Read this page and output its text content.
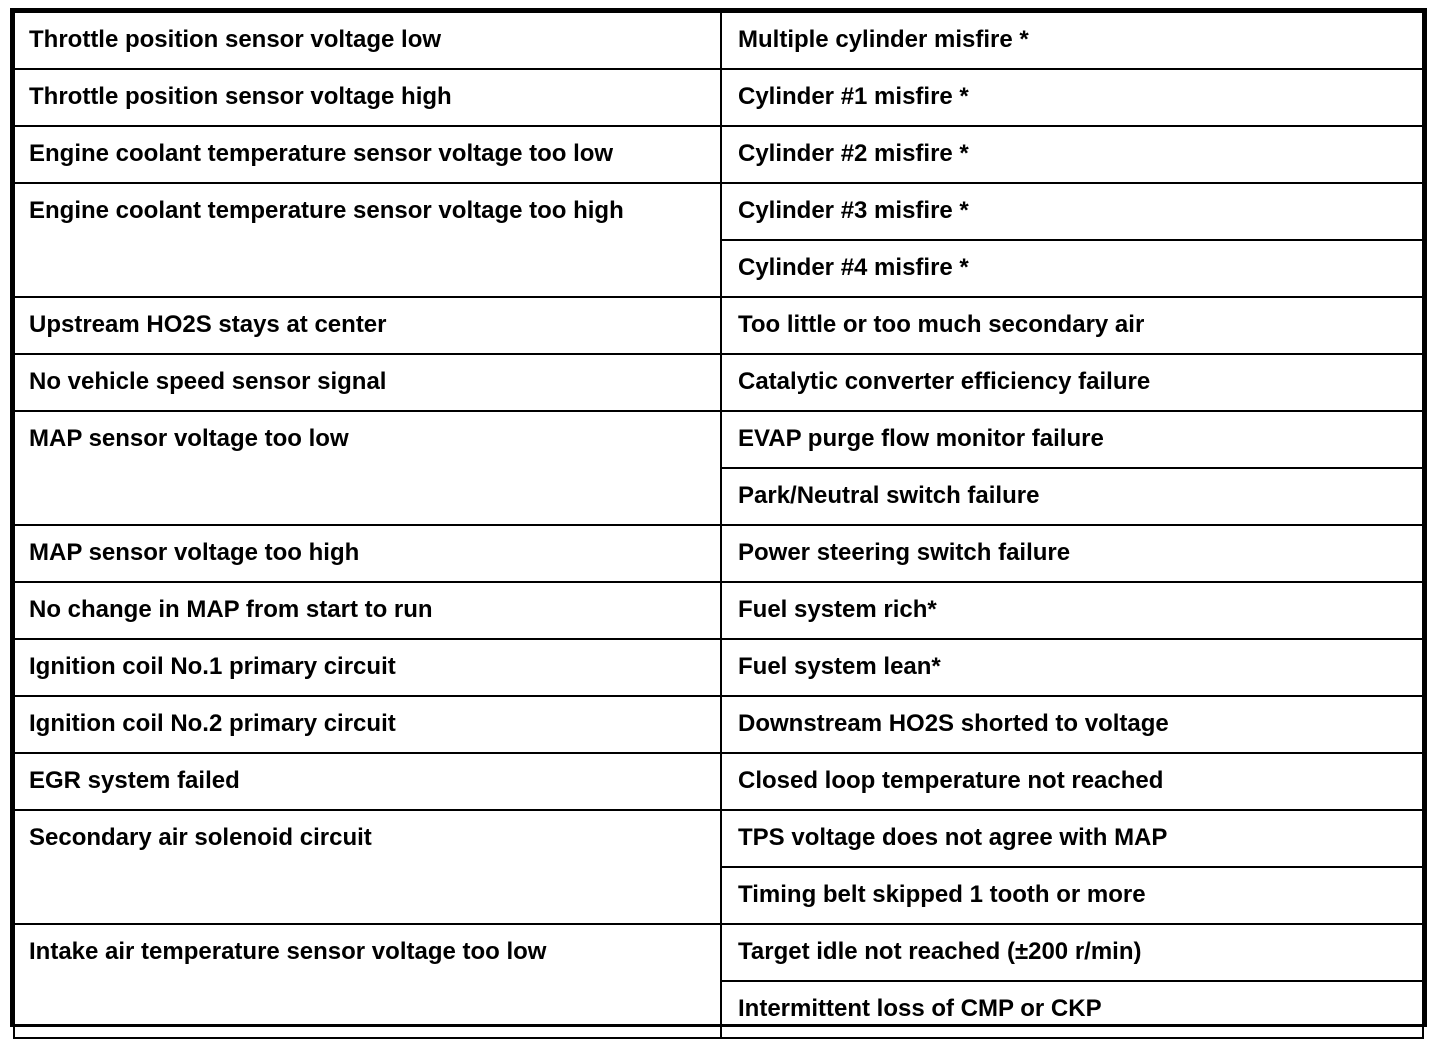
Throttle position sensor voltage low	Multiple cylinder misfire *
Throttle position sensor voltage high	Cylinder #1 misfire *
Engine coolant temperature sensor voltage too low	Cylinder #2 misfire *
Engine coolant temperature sensor voltage too high	Cylinder #3 misfire *
	Cylinder #4 misfire *
Upstream HO2S stays at center	Too little or too much secondary air
No vehicle speed sensor signal	Catalytic converter efficiency failure
MAP sensor voltage too low	EVAP purge flow monitor failure
	Park/Neutral switch failure
MAP sensor voltage too high	Power steering switch failure
No change in MAP from start to run	Fuel system rich*
Ignition coil No.1 primary circuit	Fuel system lean*
Ignition coil No.2 primary circuit	Downstream HO2S shorted to voltage
EGR system failed	Closed loop temperature not reached
Secondary air solenoid circuit	TPS voltage does not agree with MAP
	Timing belt skipped 1 tooth or more
Intake air temperature sensor voltage too low	Target idle not reached (±200 r/min)
	Intermittent loss of CMP or CKP
